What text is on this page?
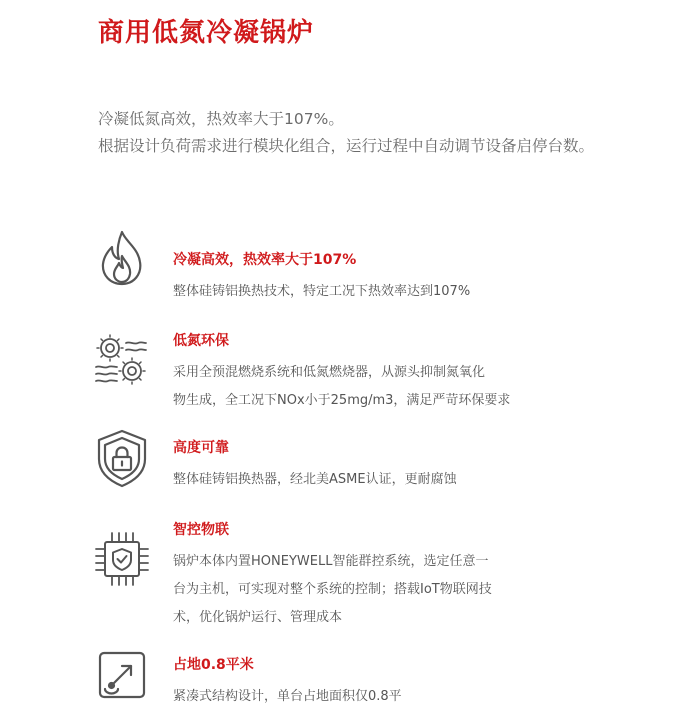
商用低氮冷凝锅炉
冷凝低氮高效，热效率大于107%。
根据设计负荷需求进行模块化组合，运行过程中自动调节设备启停台数。
冷凝高效，热效率大于107%
整体硅铸铝换热技术，特定工况下热效率达到107%
低氮环保
采用全预混燃烧系统和低氮燃烧器，从源头抑制氮氧化
物生成，全工况下NOx小于25mg/m3，满足严苛环保要求
高度可靠
整体硅铸铝换热器，经北美ASME认证，更耐腐蚀
智控物联
锅炉本体内置HONEYWELL智能群控系统，选定任意一
台为主机，可实现对整个系统的控制；搭载IoT物联网技
术，优化锅炉运行、管理成本
占地0.8平米
紧凑式结构设计，单台占地面积仅0.8平
